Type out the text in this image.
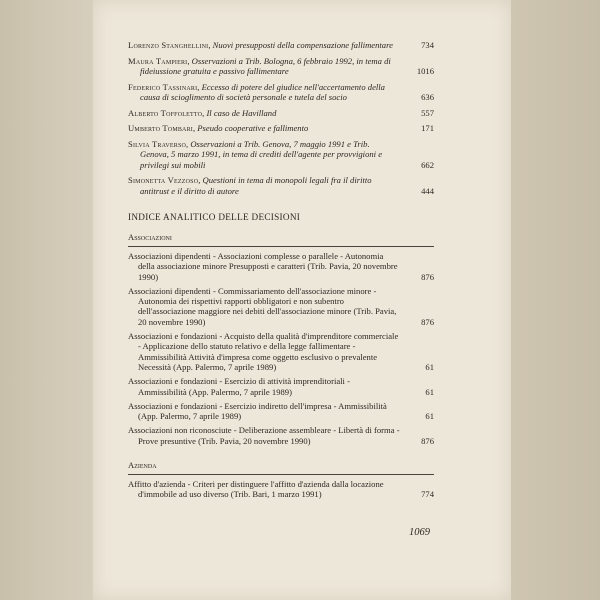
Lorenzo Stanghellini, Nuovi presupposti della compensazione fallimentare	734
Maura Tampieri, Osservazioni a Trib. Bologna, 6 febbraio 1992, in tema di fideiussione gratuita e passivo fallimentare	1016
Federico Tassinari, Eccesso di potere del giudice nell'accertamento della causa di scioglimento di società personale e tutela del socio	636
Alberto Toffoletto, Il caso de Havilland	557
Umberto Tombari, Pseudo cooperative e fallimento	171
Silvia Traverso, Osservazioni a Trib. Genova, 7 maggio 1991 e Trib. Genova, 5 marzo 1991, in tema di crediti dell'agente per provvigioni e privilegi sui mobili	662
Simonetta Vezzoso, Questioni in tema di monopoli legali fra il diritto antitrust e il diritto di autore	444
INDICE ANALITICO DELLE DECISIONI
Associazioni
Associazioni dipendenti - Associazioni complesse o parallele - Autonomia della associazione minore Presupposti e caratteri (Trib. Pavia, 20 novembre 1990)	876
Associazioni dipendenti - Commissariamento dell'associazione minore - Autonomia dei rispettivi rapporti obbligatori e non subentro dell'associazione maggiore nei debiti dell'associazione minore (Trib. Pavia, 20 novembre 1990)	876
Associazioni e fondazioni - Acquisto della qualità d'imprenditore commerciale - Applicazione dello statuto relativo e della legge fallimentare - Ammissibilità Attività d'impresa come oggetto esclusivo o prevalente Necessità (App. Palermo, 7 aprile 1989)	61
Associazioni e fondazioni - Esercizio di attività imprenditoriali - Ammissibilità (App. Palermo, 7 aprile 1989)	61
Associazioni e fondazioni - Esercizio indiretto dell'impresa - Ammissibilità (App. Palermo, 7 aprile 1989)	61
Associazioni non riconosciute - Deliberazione assembleare - Libertà di forma - Prove presuntive (Trib. Pavia, 20 novembre 1990)	876
Azienda
Affitto d'azienda - Criteri per distinguere l'affitto d'azienda dalla locazione d'immobile ad uso diverso (Trib. Bari, 1 marzo 1991)	774
1069
